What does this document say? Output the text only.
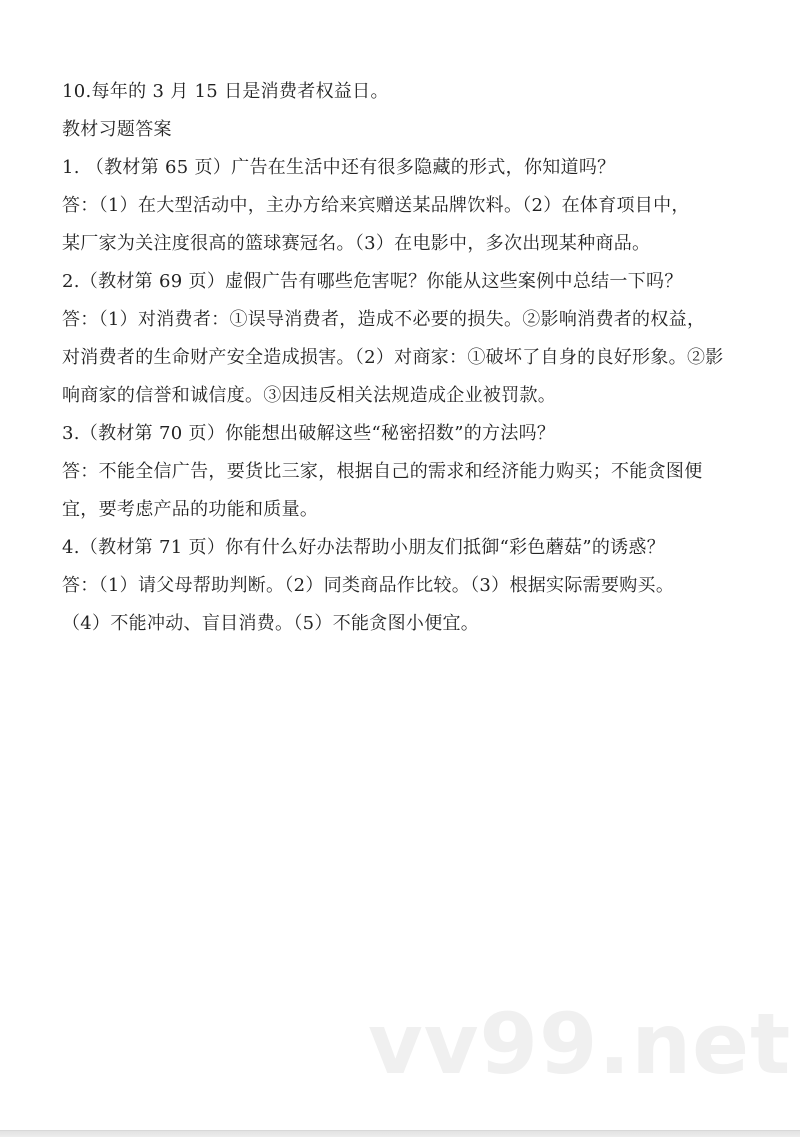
10.每年的 3 月 15 日是消费者权益日。
教材习题答案
1. （教材第 65 页）广告在生活中还有很多隐藏的形式，你知道吗？
答：（1）在大型活动中，主办方给来宾赠送某品牌饮料。（2）在体育项目中，
某厂家为关注度很高的篮球赛冠名。（3）在电影中，多次出现某种商品。
2.（教材第 69 页）虚假广告有哪些危害呢？你能从这些案例中总结一下吗？
答：（1）对消费者：①误导消费者，造成不必要的损失。②影响消费者的权益，
对消费者的生命财产安全造成损害。（2）对商家：①破坏了自身的良好形象。②影
响商家的信誉和诚信度。③因违反相关法规造成企业被罚款。
3.（教材第 70 页）你能想出破解这些“秘密招数”的方法吗？
答：不能全信广告，要货比三家，根据自己的需求和经济能力购买；不能贪图便
宜，要考虑产品的功能和质量。
4.（教材第 71 页）你有什么好办法帮助小朋友们抵御“彩色蘑菇”的诱惑？
答：（1）请父母帮助判断。（2）同类商品作比较。（3）根据实际需要购买。
（4）不能冲动、盲目消费。（5）不能贪图小便宜。
vv99.net
